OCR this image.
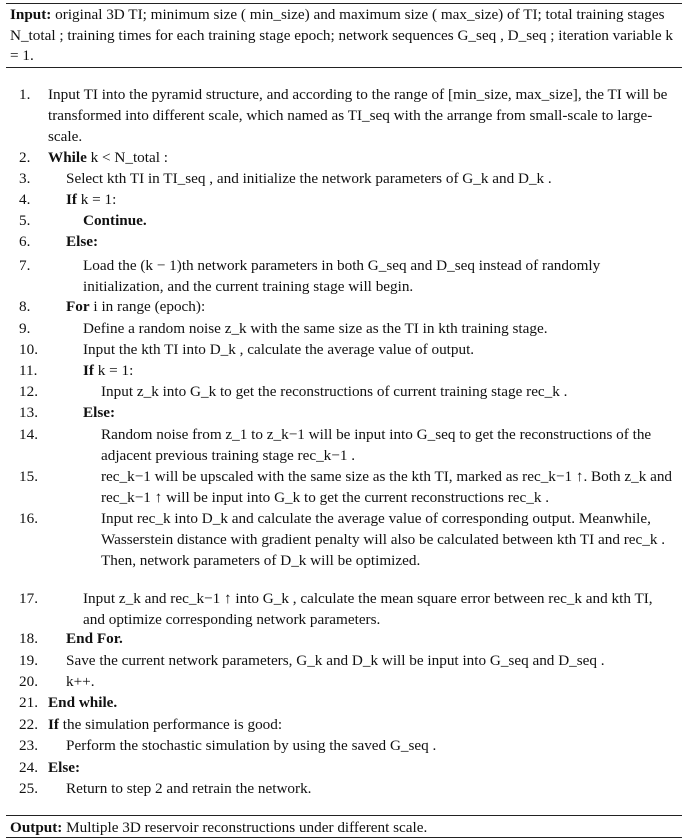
Input: original 3D TI; minimum size ( min_size) and maximum size ( max_size) of TI; total training stages N_total ; training times for each training stage epoch; network sequences G_seq , D_seq ; iteration variable k = 1.
1.	Input TI into the pyramid structure, and according to the range of [min_size, max_size], the TI will be transformed into different scale, which named as TI_seq with the arrange from small-scale to large-scale.
2.	While k < N_total :
3.	Select kth TI in TI_seq , and initialize the network parameters of G_k and D_k .
4.	If k = 1:
5.	Continue.
6.	Else:
7.	Load the (k − 1)th network parameters in both G_seq and D_seq instead of randomly initialization, and the current training stage will begin.
8.	For i in range (epoch):
9.	Define a random noise z_k with the same size as the TI in kth training stage.
10.	Input the kth TI into D_k , calculate the average value of output.
11.	If k = 1:
12.	Input z_k into G_k to get the reconstructions of current training stage rec_k .
13.	Else:
14.	Random noise from z_1 to z_k−1 will be input into G_seq to get the reconstructions of the adjacent previous training stage rec_k−1 .
15.	rec_k−1 will be upscaled with the same size as the kth TI, marked as rec_k−1 ↑. Both z_k and rec_k−1 ↑ will be input into G_k to get the current reconstructions rec_k .
16.	Input rec_k into D_k and calculate the average value of corresponding output. Meanwhile, Wasserstein distance with gradient penalty will also be calculated between kth TI and rec_k . Then, network parameters of D_k will be optimized.
17.	Input z_k and rec_k−1 ↑ into G_k , calculate the mean square error between rec_k and kth TI, and optimize corresponding network parameters.
18.	End For.
19.	Save the current network parameters, G_k and D_k will be input into G_seq and D_seq .
20.	k++.
21. End while.
22. If the simulation performance is good:
23.	Perform the stochastic simulation by using the saved G_seq .
24. Else:
25.	Return to step 2 and retrain the network.
Output: Multiple 3D reservoir reconstructions under different scale.
